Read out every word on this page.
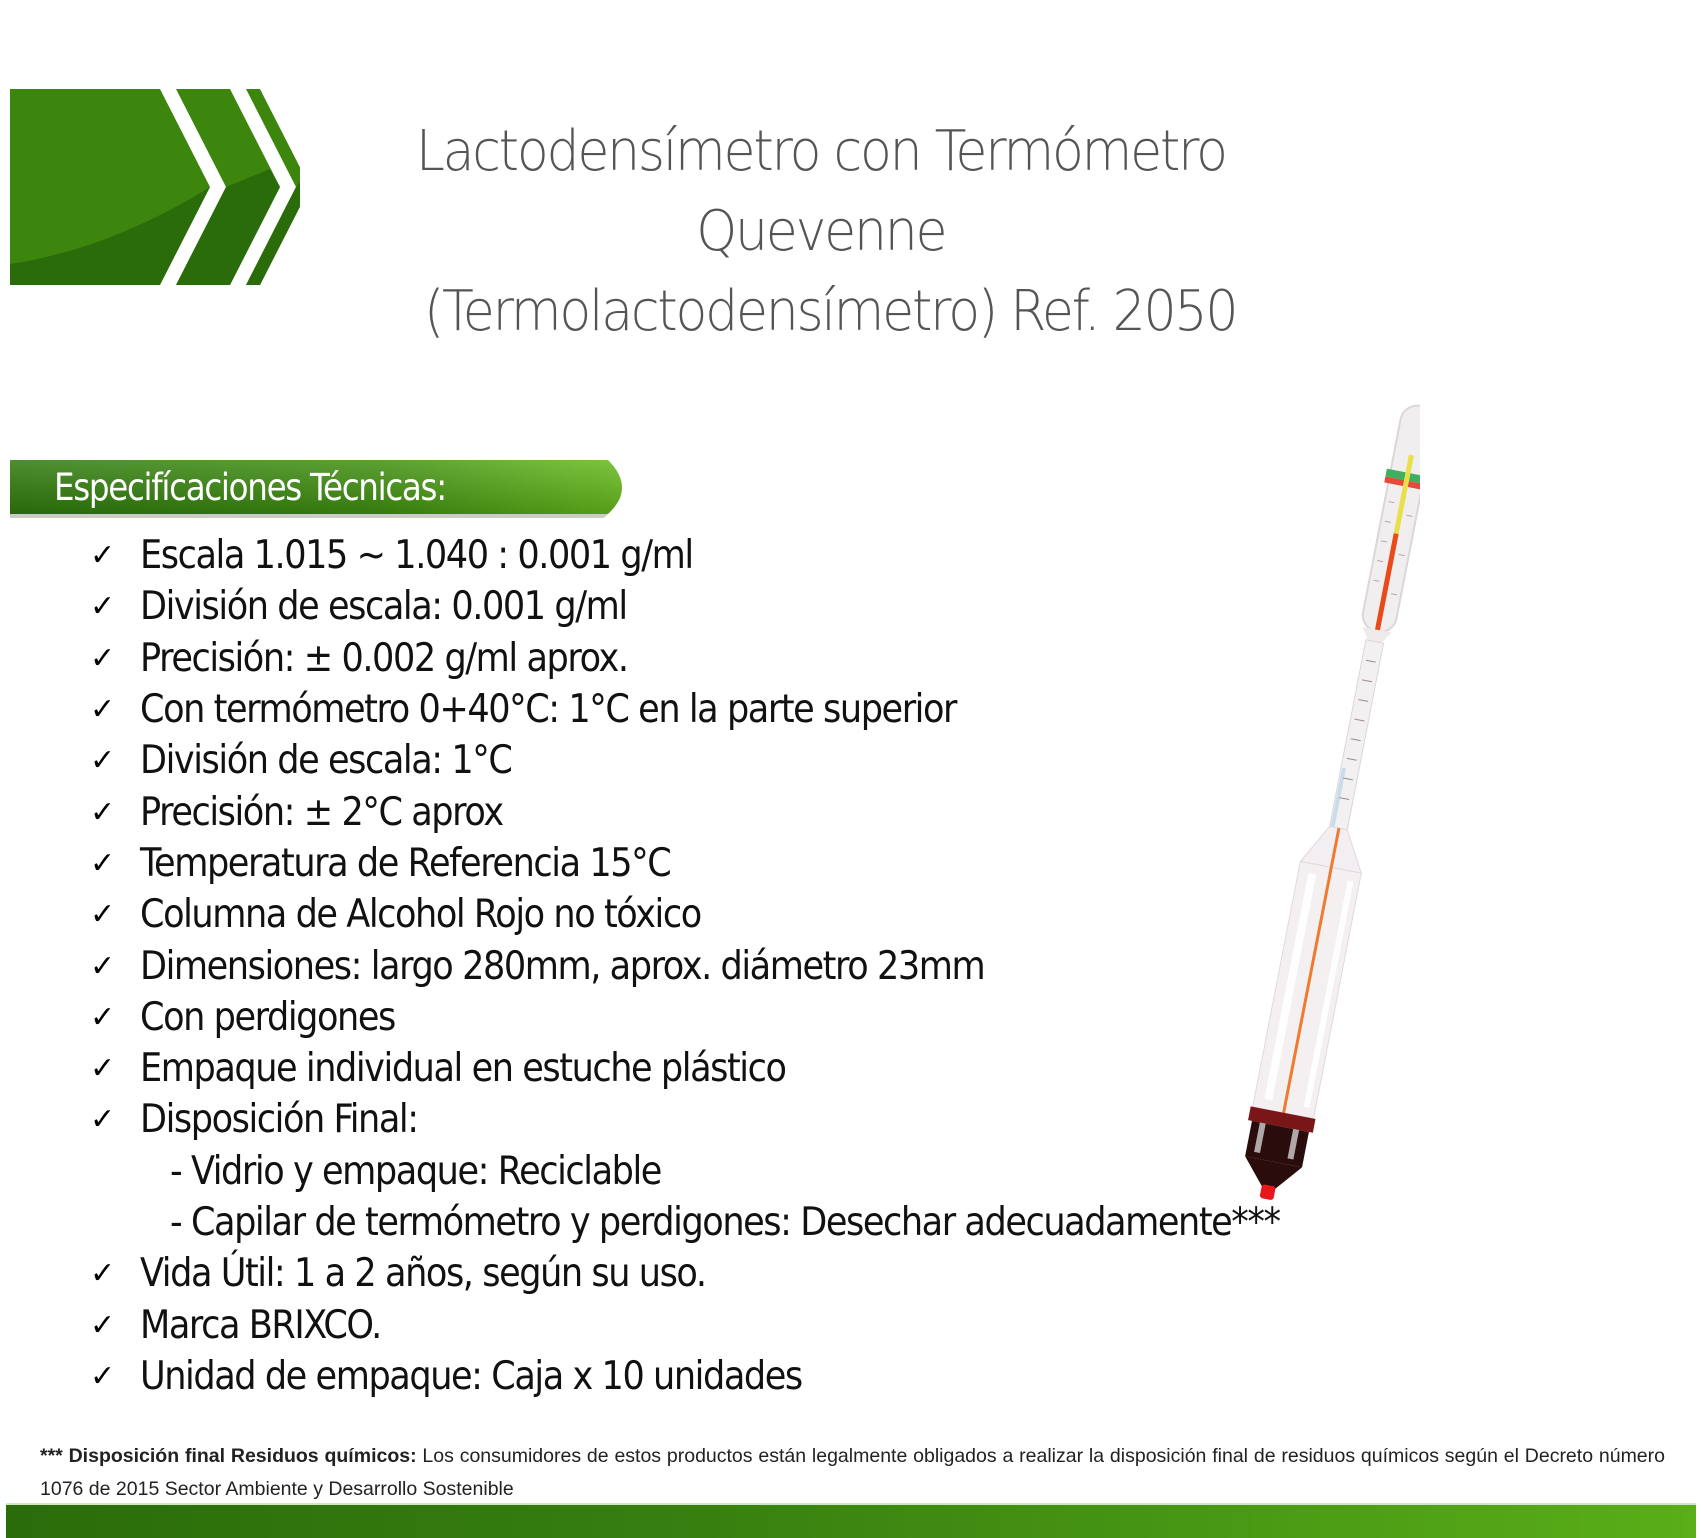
Lactodensímetro con Termómetro Quevenne
(Termolactodensímetro) Ref. 2050
Especifícaciones Técnicas:
✓ Escala 1.015 ~ 1.040 : 0.001 g/ml
✓ División de escala: 0.001 g/ml
✓ Precisión: ± 0.002 g/ml aprox.
✓ Con termómetro 0+40°C: 1°C en la parte superior
✓ División de escala: 1°C
✓ Precisión: ± 2°C aprox
✓ Temperatura de Referencia 15°C
✓ Columna de Alcohol Rojo no tóxico
✓ Dimensiones: largo 280mm, aprox. diámetro 23mm
✓ Con perdigones
✓ Empaque individual en estuche plástico
✓ Disposición Final:
- Vidrio y empaque: Reciclable
- Capilar de termómetro y perdigones: Desechar adecuadamente***
✓ Vida Útil: 1 a 2 años, según su uso.
✓ Marca BRIXCO.
✓ Unidad de empaque: Caja x 10 unidades
*** Disposición final Residuos químicos: Los consumidores de estos productos están legalmente obligados a realizar la disposición final de residuos químicos según el Decreto número 1076 de 2015 Sector Ambiente y Desarrollo Sostenible
